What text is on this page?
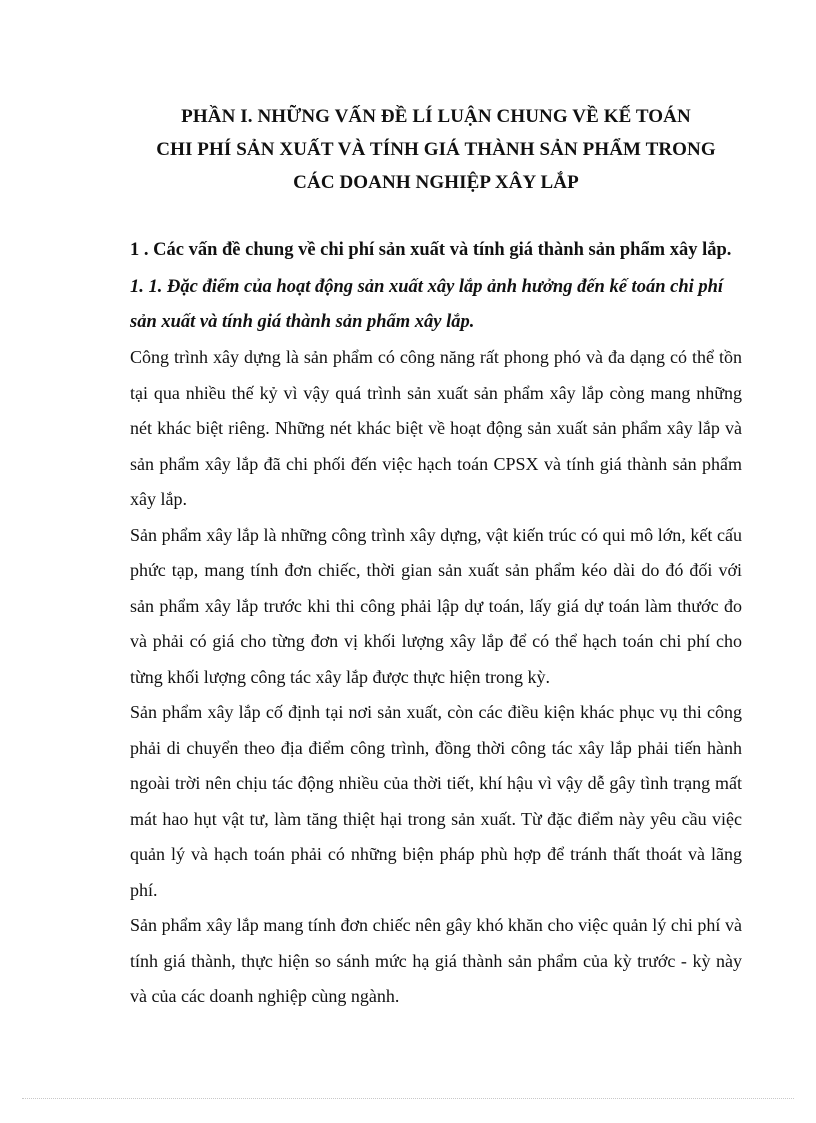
PHẦN I. NHỮNG VẤN ĐỀ LÍ LUẬN CHUNG VỀ KẾ TOÁN
CHI PHÍ SẢN XUẤT VÀ TÍNH GIÁ THÀNH SẢN PHẨM TRONG
CÁC DOANH NGHIỆP XÂY LẮP

1 . Các vấn đề chung về chi phí sản xuất và tính giá thành sản phẩm xây lắp.

1. 1. Đặc điểm của hoạt động sản xuất xây lắp ảnh hưởng đến kế toán chi phí sản xuất và tính giá thành sản phẩm xây lắp.

Công trình xây dựng là sản phẩm có công năng rất phong phó và đa dạng có thể tồn tại qua nhiều thế kỷ vì vậy quá trình sản xuất sản phẩm xây lắp còng mang những nét khác biệt riêng. Những nét khác biệt về hoạt động sản xuất sản phẩm xây lắp và sản phẩm xây lắp đã chi phối đến việc hạch toán CPSX và tính giá thành sản phẩm xây lắp.

Sản phẩm xây lắp là những công trình xây dựng, vật kiến trúc có qui mô lớn, kết cấu phức tạp, mang tính đơn chiếc, thời gian sản xuất sản phẩm kéo dài do đó đối với sản phẩm xây lắp trước khi thi công phải lập dự toán, lấy giá dự toán làm thước đo và phải có giá cho từng đơn vị khối lượng xây lắp để có thể hạch toán chi phí cho từng khối lượng công tác xây lắp được thực hiện trong kỳ.

Sản phẩm xây lắp cố định tại nơi sản xuất, còn các điều kiện khác phục vụ thi công phải di chuyển theo địa điểm công trình, đồng thời công tác xây lắp phải tiến hành ngoài trời nên chịu tác động nhiều của thời tiết, khí hậu vì vậy dễ gây tình trạng mất mát hao hụt vật tư, làm tăng thiệt hại trong sản xuất. Từ đặc điểm này yêu cầu việc quản lý và hạch toán phải có những biện pháp phù hợp để tránh thất thoát và lãng phí.

Sản phẩm xây lắp mang tính đơn chiếc nên gây khó khăn cho việc quản lý chi phí và tính giá thành, thực hiện so sánh mức hạ giá thành sản phẩm của kỳ trước - kỳ này và của các doanh nghiệp cùng ngành.
